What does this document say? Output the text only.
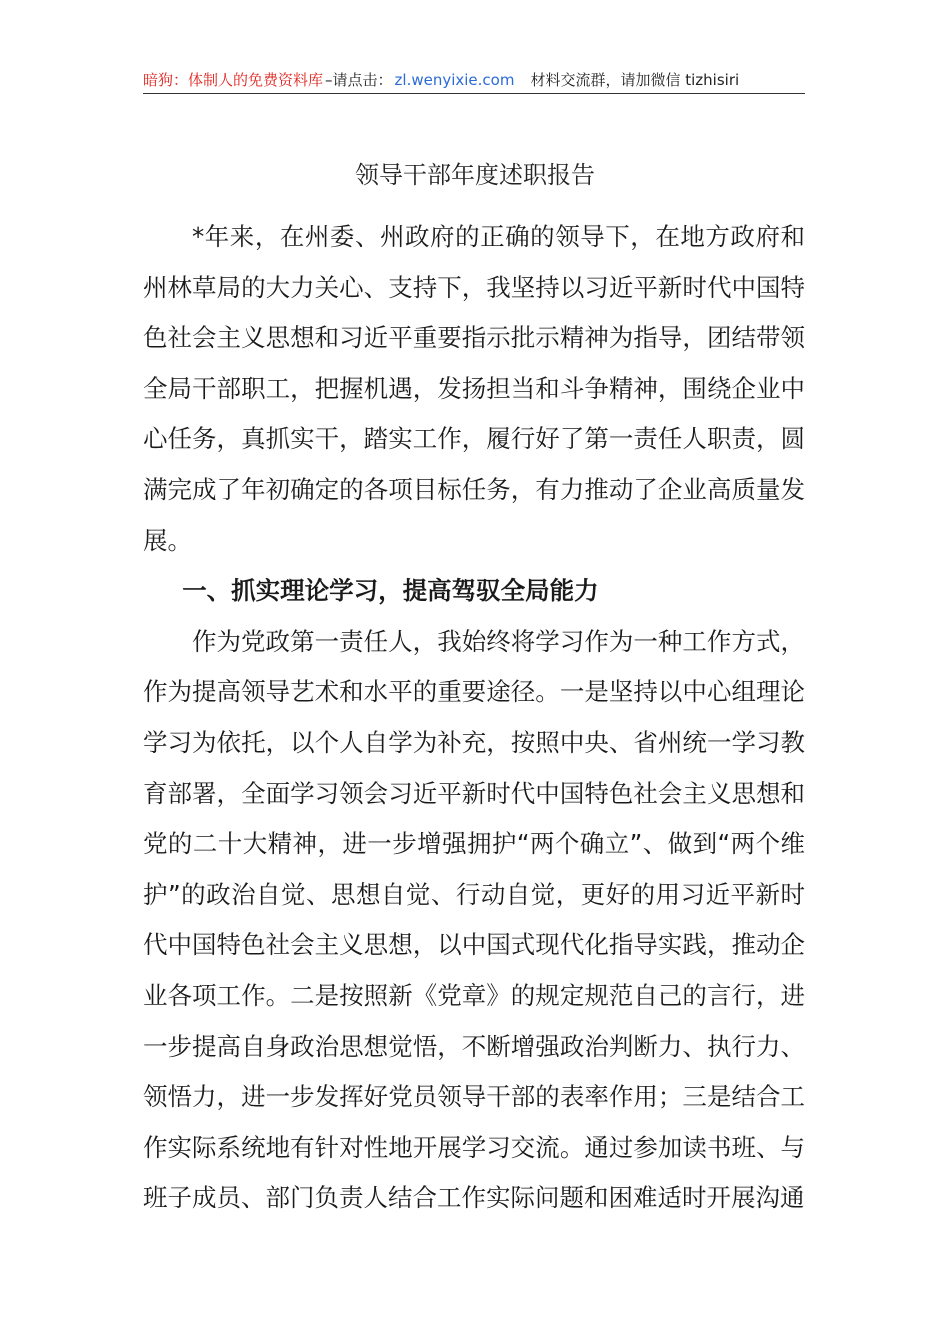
暗狗：体制人的免费资料库 –请点击： zl.wenyixie.com 材料交流群，请加微信 tizhisiri
领导干部年度述职报告

*年来，在州委、州政府的正确的领导下，在地方政府和州林草局的大力关心、支持下，我坚持以习近平新时代中国特色社会主义思想和习近平重要指示批示精神为指导，团结带领全局干部职工，把握机遇，发扬担当和斗争精神，围绕企业中心任务，真抓实干，踏实工作，履行好了第一责任人职责，圆满完成了年初确定的各项目标任务，有力推动了企业高质量发展。

一、抓实理论学习，提高驾驭全局能力

作为党政第一责任人，我始终将学习作为一种工作方式，作为提高领导艺术和水平的重要途径。一是坚持以中心组理论学习为依托，以个人自学为补充，按照中央、省州统一学习教育部署，全面学习领会习近平新时代中国特色社会主义思想和党的二十大精神，进一步增强拥护“两个确立”、做到“两个维护”的政治自觉、思想自觉、行动自觉，更好的用习近平新时代中国特色社会主义思想，以中国式现代化指导实践，推动企业各项工作。二是按照新《党章》的规定规范自己的言行，进一步提高自身政治思想觉悟，不断增强政治判断力、执行力、领悟力，进一步发挥好党员领导干部的表率作用；三是结合工作实际系统地有针对性地开展学习交流。通过参加读书班、与班子成员、部门负责人结合工作实际问题和困难适时开展沟通
